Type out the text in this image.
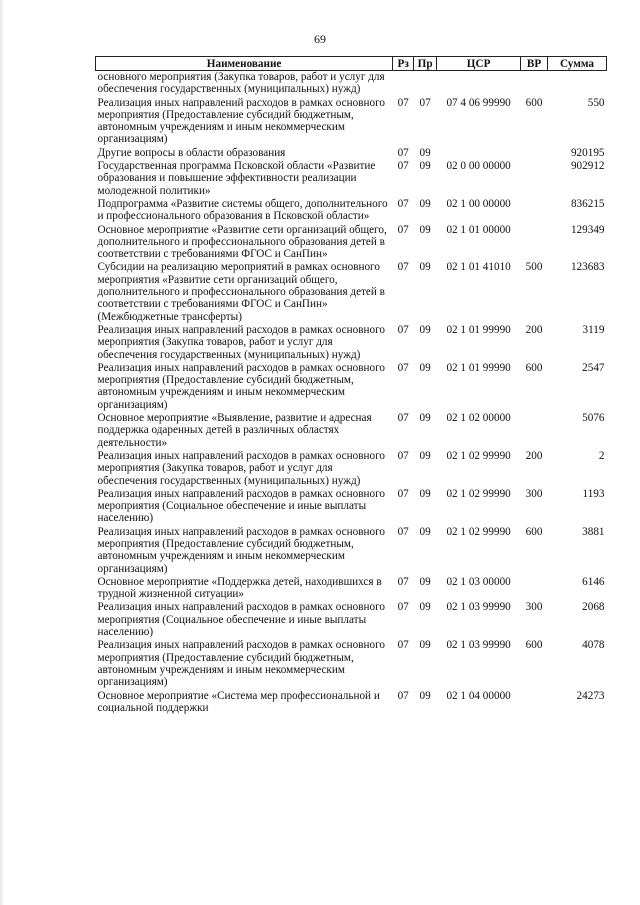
69
Наименование	Рз	Пр	ЦСР	ВР	Сумма
основного мероприятия (Закупка товаров, работ и услуг для обеспечения государственных (муниципальных) нужд)					
Реализация иных направлений расходов в рамках основного мероприятия (Предоставление субсидий бюджетным, автономным учреждениям и иным некоммерческим организациям)	07	07	07 4 06 99990	600	550
Другие вопросы в области образования	07	09			920195
Государственная программа Псковской области «Развитие образования и повышение эффективности реализации молодежной политики»	07	09	02 0 00 00000		902912
Подпрограмма «Развитие системы общего, дополнительного и профессионального образования в Псковской области»	07	09	02 1 00 00000		836215
Основное мероприятие «Развитие сети организаций общего, дополнительного и профессионального образования детей в соответствии с требованиями ФГОС и СанПин»	07	09	02 1 01 00000		129349
Субсидии на реализацию мероприятий в рамках основного мероприятия «Развитие сети организаций общего, дополнительного и профессионального образования детей в соответствии с требованиями ФГОС и СанПин» (Межбюджетные трансферты)	07	09	02 1 01 41010	500	123683
Реализация иных направлений расходов в рамках основного мероприятия (Закупка товаров, работ и услуг для обеспечения государственных (муниципальных) нужд)	07	09	02 1 01 99990	200	3119
Реализация иных направлений расходов в рамках основного мероприятия (Предоставление субсидий бюджетным, автономным учреждениям и иным некоммерческим организациям)	07	09	02 1 01 99990	600	2547
Основное мероприятие «Выявление, развитие и адресная поддержка одаренных детей в различных областях деятельности»	07	09	02 1 02 00000		5076
Реализация иных направлений расходов в рамках основного мероприятия (Закупка товаров, работ и услуг для обеспечения государственных (муниципальных) нужд)	07	09	02 1 02 99990	200	2
Реализация иных направлений расходов в рамках основного мероприятия (Социальное обеспечение и иные выплаты населению)	07	09	02 1 02 99990	300	1193
Реализация иных направлений расходов в рамках основного мероприятия (Предоставление субсидий бюджетным, автономным учреждениям и иным некоммерческим организациям)	07	09	02 1 02 99990	600	3881
Основное мероприятие «Поддержка детей, находившихся в трудной жизненной ситуации»	07	09	02 1 03 00000		6146
Реализация иных направлений расходов в рамках основного мероприятия (Социальное обеспечение и иные выплаты населению)	07	09	02 1 03 99990	300	2068
Реализация иных направлений расходов в рамках основного мероприятия (Предоставление субсидий бюджетным, автономным учреждениям и иным некоммерческим организациям)	07	09	02 1 03 99990	600	4078
Основное мероприятие «Система мер профессиональной и социальной поддержки	07	09	02 1 04 00000		24273
